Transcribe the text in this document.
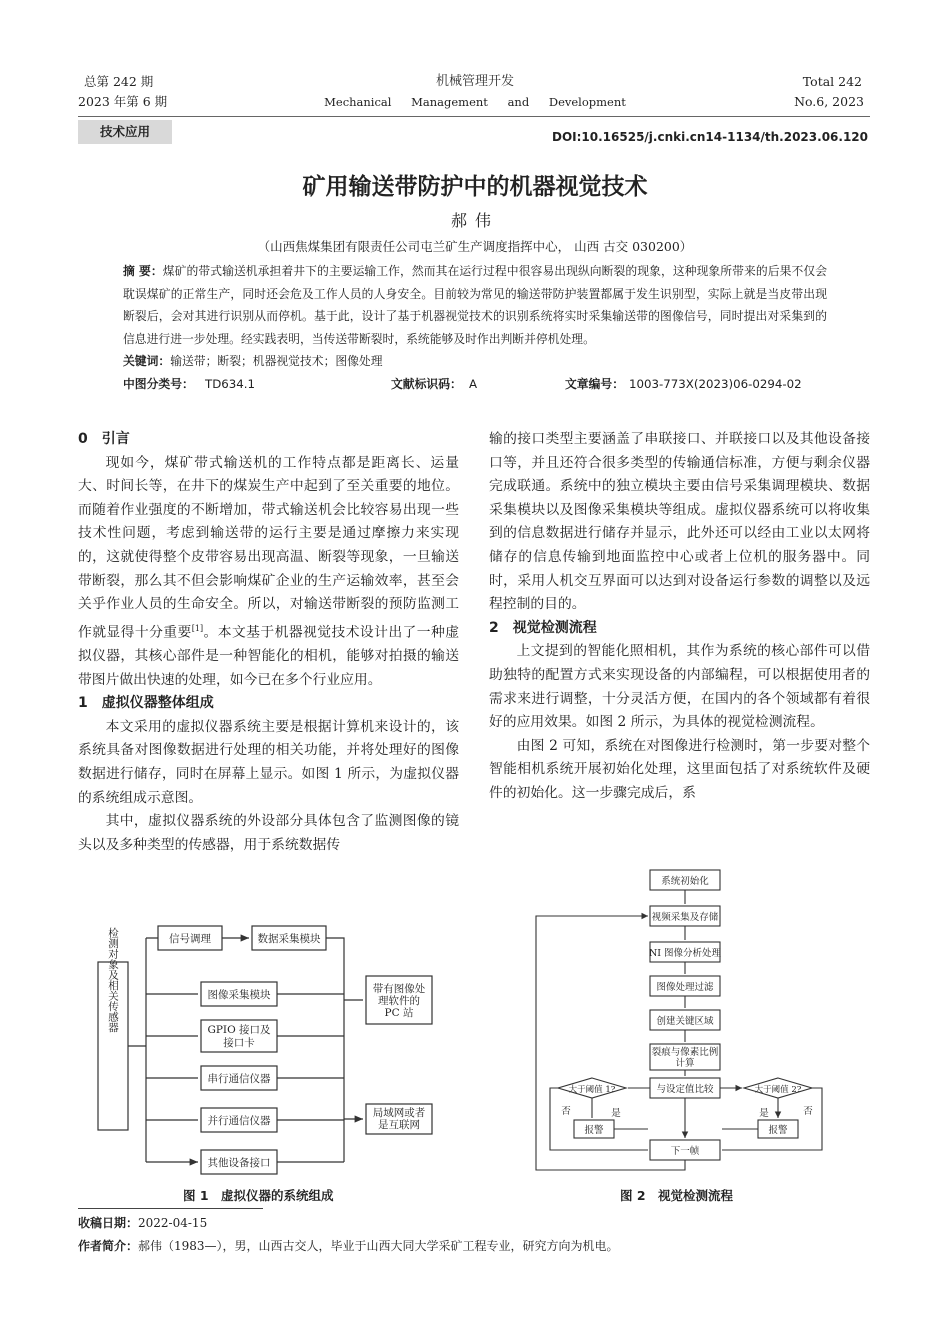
总第 242 期
2023 年第 6 期
机械管理开发
Mechanical Management and Development
Total 242
No.6, 2023
技术应用	DOI:10.16525/j.cnki.cn14-1134/th.2023.06.120
矿用输送带防护中的机器视觉技术
郝伟
（山西焦煤集团有限责任公司屯兰矿生产调度指挥中心， 山西 古交 030200）
摘 要：煤矿的带式输送机承担着井下的主要运输工作，然而其在运行过程中很容易出现纵向断裂的现象，这种现象所带来的后果不仅会耽误煤矿的正常生产，同时还会危及工作人员的人身安全。目前较为常见的输送带防护装置都属于发生识别型，实际上就是当皮带出现断裂后，会对其进行识别从而停机。基于此，设计了基于机器视觉技术的识别系统将实时采集输送带的图像信号，同时提出对采集到的信息进行进一步处理。经实践表明，当传送带断裂时，系统能够及时作出判断并停机处理。
关键词：输送带；断裂；机器视觉技术；图像处理
中图分类号： TD634.1	文献标识码： A	文章编号： 1003-773X(2023)06-0294-02
0　引言

现如今，煤矿带式输送机的工作特点都是距离长、运量大、时间长等，在井下的煤炭生产中起到了至关重要的地位。而随着作业强度的不断增加，带式输送机会比较容易出现一些技术性问题，考虑到输送带的运行主要是通过摩擦力来实现的，这就使得整个皮带容易出现高温、断裂等现象，一旦输送带断裂，那么其不但会影响煤矿企业的生产运输效率，甚至会关乎作业人员的生命安全。所以，对输送带断裂的预防监测工作就显得十分重要[1]。本文基于机器视觉技术设计出了一种虚拟仪器，其核心部件是一种智能化的相机，能够对拍摄的输送带图片做出快速的处理，如今已在多个行业应用。

1　虚拟仪器整体组成

本文采用的虚拟仪器系统主要是根据计算机来设计的，该系统具备对图像数据进行处理的相关功能，并将处理好的图像数据进行储存，同时在屏幕上显示。如图 1 所示，为虚拟仪器的系统组成示意图。

其中，虚拟仪器系统的外设部分具体包含了监测图像的镜头以及多种类型的传感器，用于系统数据传

输的接口类型主要涵盖了串联接口、并联接口以及其他设备接口等，并且还符合很多类型的传输通信标准，方便与剩余仪器完成联通。系统中的独立模块主要由信号采集调理模块、数据采集模块以及图像采集模块等组成。虚拟仪器系统可以将收集到的信息数据进行储存并显示，此外还可以经由工业以太网将储存的信息传输到地面监控中心或者上位机的服务器中。同时，采用人机交互界面可以达到对设备运行参数的调整以及远程控制的目的。

2　视觉检测流程

上文提到的智能化照相机，其作为系统的核心部件可以借助独特的配置方式来实现设备的内部编程，可以根据使用者的需求来进行调整，十分灵活方便，在国内的各个领域都有着很好的应用效果。如图 2 所示，为具体的视觉检测流程。

由图 2 可知，系统在对图像进行检测时，第一步要对整个智能相机系统开展初始化处理，这里面包括了对系统软件及硬件的初始化。这一步骤完成后，系

检测对象及相关传感器	信号调理	数据采集模块
图像采集模块
GPIO 接口及
接口卡
串行通信仪器
并行通信仪器
其他设备接口
带有图像处
理软件的
PC 站
局域网或者
是互联网
图 1　虚拟仪器的系统组成
系统初始化
视频采集及存储
NI 图像分析处理
图像处理过滤
创建关键区域
裂痕与像素比例
计算
与设定值比较
大于阈值 1?	大于阈值 2?
否	是	是	否
报警	报警
下一帧
图 2　视觉检测流程
收稿日期：2022-04-15
作者简介：郝伟（1983—），男，山西古交人，毕业于山西大同大学采矿工程专业，研究方向为机电。
